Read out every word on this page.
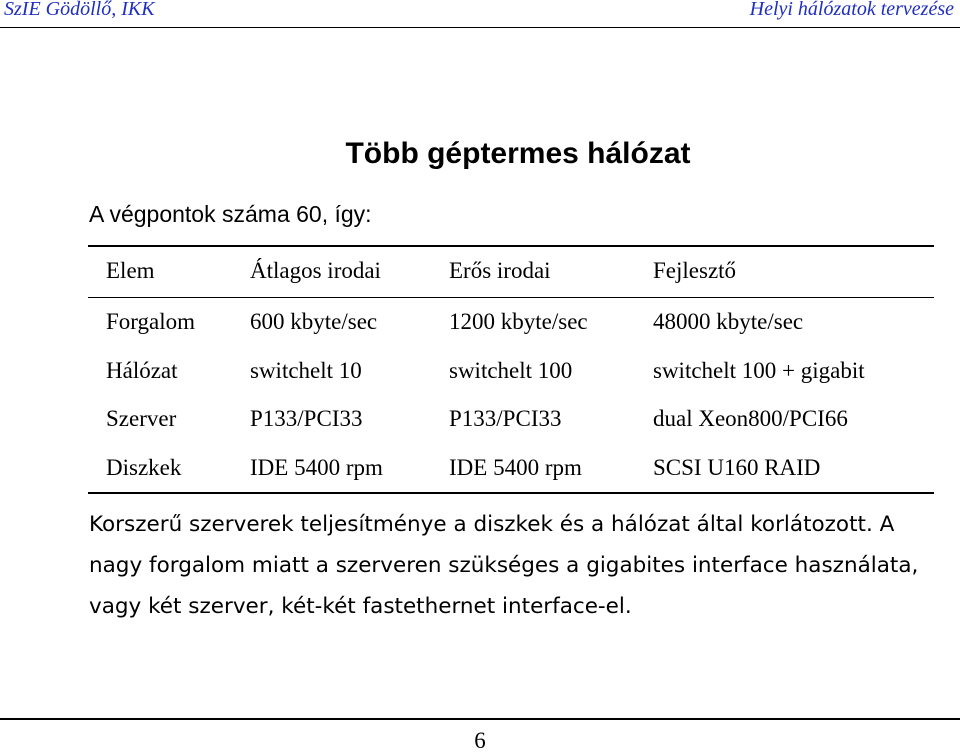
SzIE Gödöllő, IKK	Helyi hálózatok tervezése
Több géptermes hálózat
A végpontok száma 60, így:
Elem	Átlagos irodai	Erős irodai	Fejlesztő
Forgalom 600 kbyte/sec	1200 kbyte/sec	48000 kbyte/sec
Hálózat	switchelt 10	switchelt 100	switchelt 100 + gigabit
Szerver	P133/PCI33	P133/PCI33	dual Xeon800/PCI66
Diszkek	IDE 5400 rpm	IDE 5400 rpm	SCSI U160 RAID
Korszerű szerverek teljesítménye a diszkek és a hálózat által korlátozott. A
nagy forgalom miatt a szerveren szükséges a gigabites interface használata,
vagy két szerver, két-két fastethernet interface-el.
6
